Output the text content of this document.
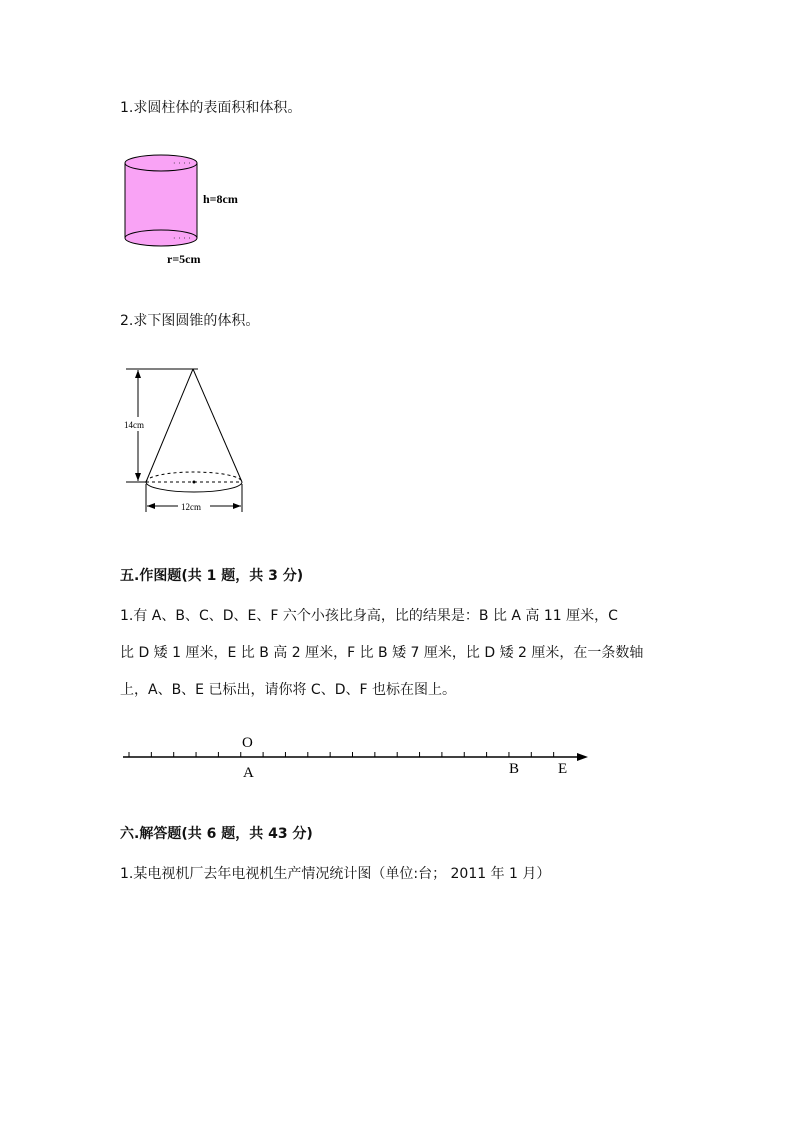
1.求圆柱体的表面积和体积。
· · · ·
· · · ·
h=8cm
r=5cm
2.求下图圆锥的体积。
14cm
12cm
五.作图题(共 1 题，共 3 分)
1.有 A、B、C、D、E、F 六个小孩比身高，比的结果是：B 比 A 高 11 厘米，C
比 D 矮 1 厘米，E 比 B 高 2 厘米，F 比 B 矮 7 厘米，比 D 矮 2 厘米，在一条数轴
上，A、B、E 已标出，请你将 C、D、F 也标在图上。
O
A	B	E
六.解答题(共 6 题，共 43 分)
1.某电视机厂去年电视机生产情况统计图（单位:台； 2011 年 1 月）
